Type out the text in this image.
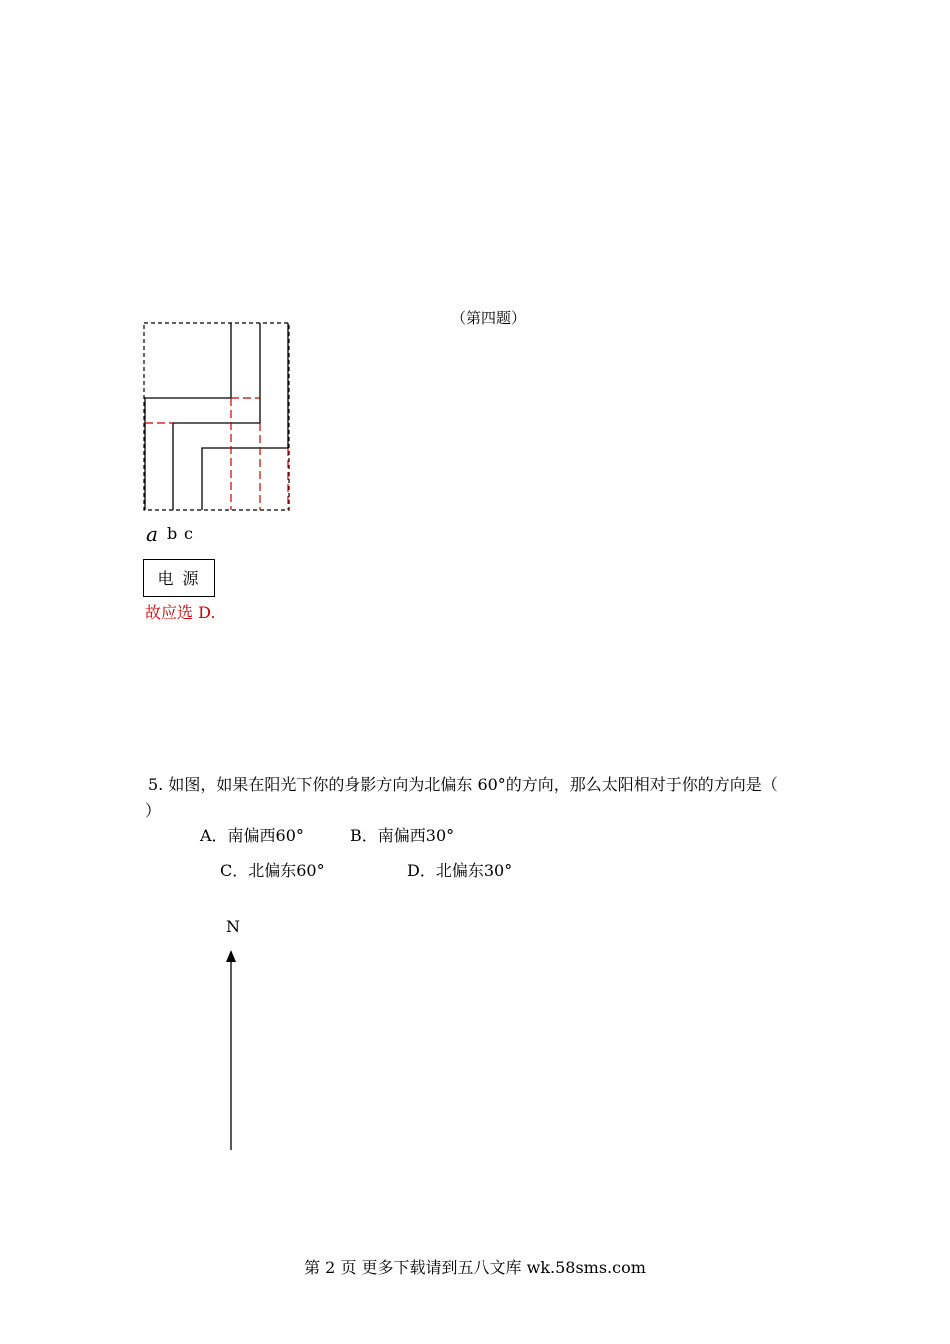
（第四题）
a b c
电 源
故应选 D.
5. 如图，如果在阳光下你的身影方向为北偏东 60°的方向，那么太阳相对于你的方向是（
）
A．南偏西60°	B．南偏西30°
C．北偏东60°	D．北偏东30°
N
第 2 页 更多下载请到五八文库 wk.58sms.com
